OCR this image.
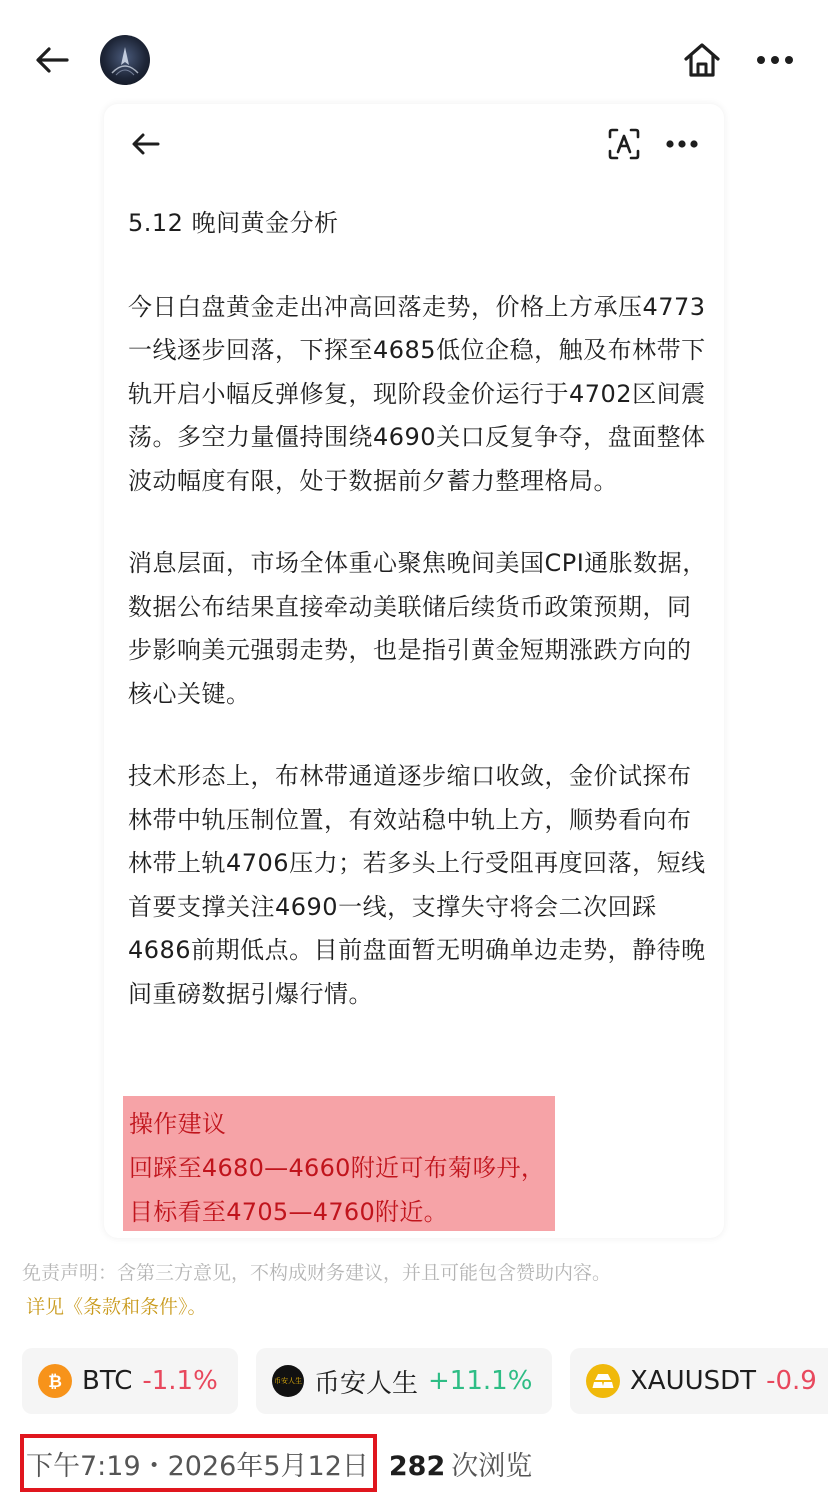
5.12 晚间黄金分析

今日白盘黄金走出冲高回落走势，价格上方承压4773一线逐步回落，下探至4685低位企稳，触及布林带下轨开启小幅反弹修复，现阶段金价运行于4702区间震荡。多空力量僵持围绕4690关口反复争夺，盘面整体波动幅度有限，处于数据前夕蓄力整理格局。

消息层面，市场全体重心聚焦晚间美国CPI通胀数据，数据公布结果直接牵动美联储后续货币政策预期，同步影响美元强弱走势，也是指引黄金短期涨跌方向的核心关键。

技术形态上，布林带通道逐步缩口收敛，金价试探布林带中轨压制位置，有效站稳中轨上方，顺势看向布林带上轨4706压力；若多头上行受阻再度回落，短线首要支撑关注4690一线，支撑失守将会二次回踩4686前期低点。目前盘面暂无明确单边走势，静待晚间重磅数据引爆行情。

操作建议
回踩至4680—4660附近可布菊哆丹，
目标看至4705—4760附近。
免责声明：含第三方意见，不构成财务建议，并且可能包含赞助内容。
详见《条款和条件》。
₿ BTC -1.1%	币安人生 币安人生 +11.1%	XAUUSDT -0.9
下午7:19・2026年5月12日 282 次浏览
